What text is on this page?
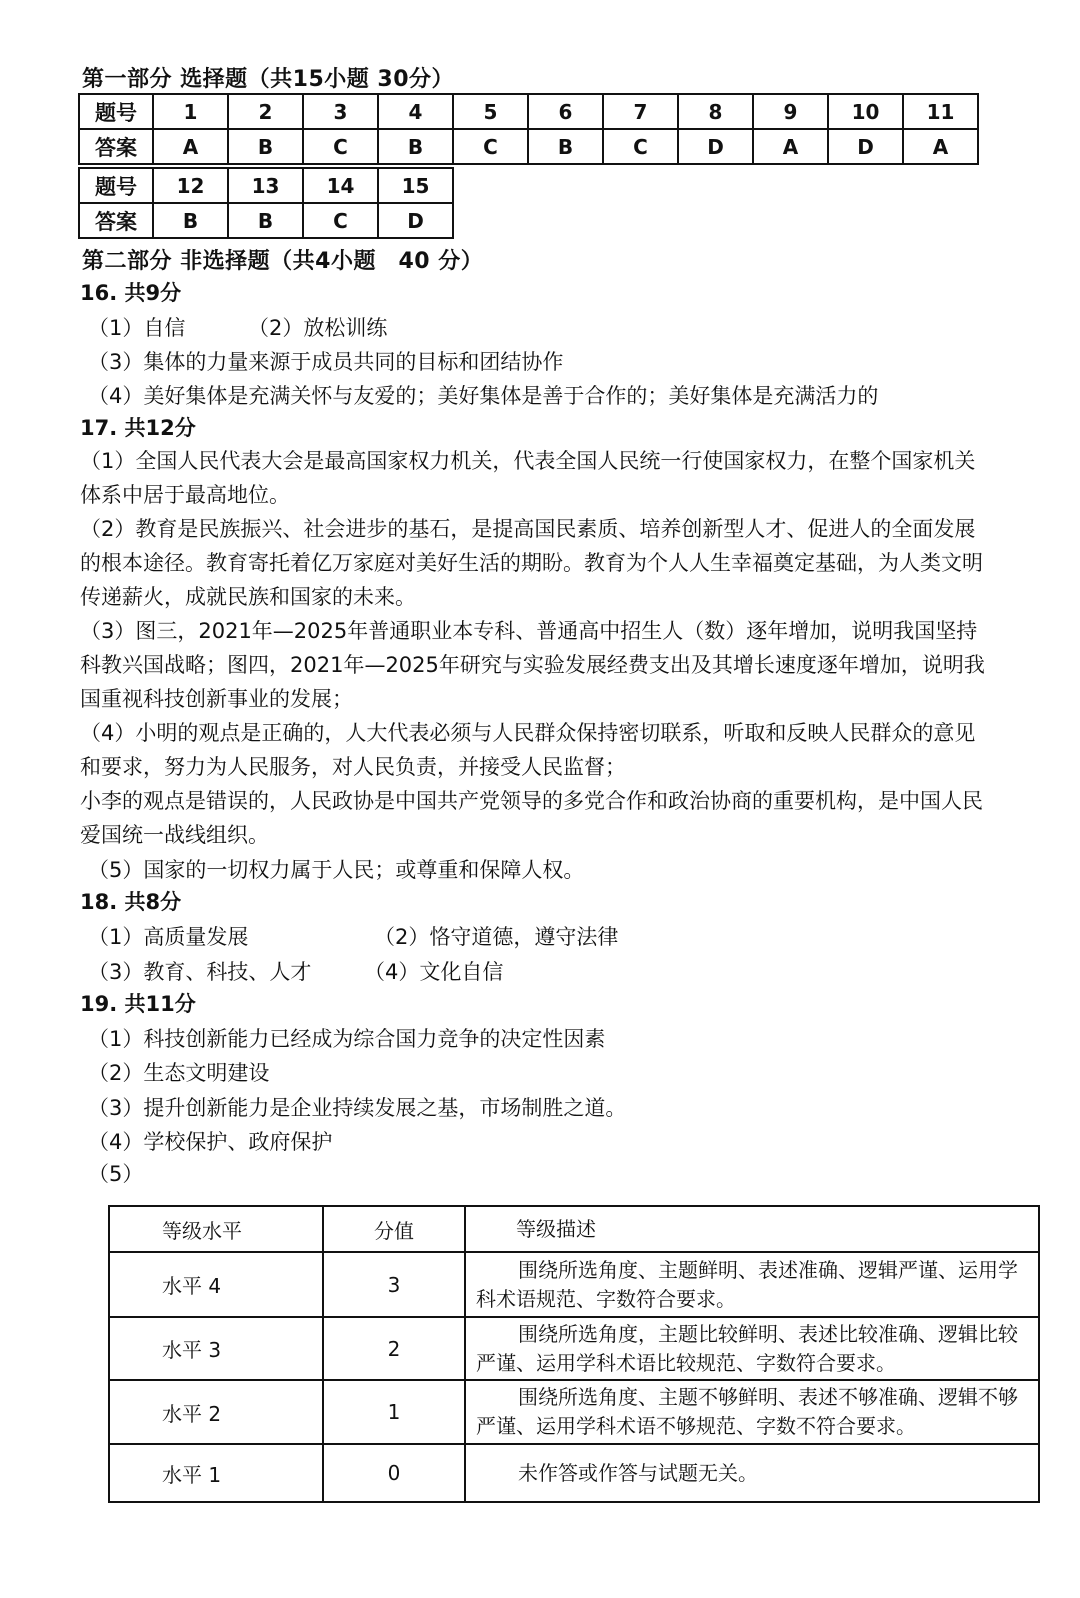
第一部分 选择题（共15小题 30分）
题号	1	2	3	4	5	6	7	8	9	10	11
答案	A	B	C	B	C	B	C	D	A	D	A
题号	12	13	14	15
答案	B	B	C	D
第二部分 非选择题（共4小题　40 分）
16. 共9分
（1）自信	（2）放松训练
（3）集体的力量来源于成员共同的目标和团结协作
（4）美好集体是充满关怀与友爱的；美好集体是善于合作的；美好集体是充满活力的
17. 共12分
（1）全国人民代表大会是最高国家权力机关，代表全国人民统一行使国家权力，在整个国家机关体系中居于最高地位。
（2）教育是民族振兴、社会进步的基石，是提高国民素质、培养创新型人才、促进人的全面发展的根本途径。教育寄托着亿万家庭对美好生活的期盼。教育为个人人生幸福奠定基础，为人类文明传递薪火，成就民族和国家的未来。
（3）图三，2021年—2025年普通职业本专科、普通高中招生人（数）逐年增加，说明我国坚持科教兴国战略；图四，2021年—2025年研究与实验发展经费支出及其增长速度逐年增加，说明我国重视科技创新事业的发展；
（4）小明的观点是正确的，人大代表必须与人民群众保持密切联系，听取和反映人民群众的意见和要求，努力为人民服务，对人民负责，并接受人民监督；
小李的观点是错误的，人民政协是中国共产党领导的多党合作和政治协商的重要机构，是中国人民爱国统一战线组织。
（5）国家的一切权力属于人民；或尊重和保障人权。
18. 共8分
（1）高质量发展	（2）恪守道德，遵守法律
（3）教育、科技、人才	（4）文化自信
19. 共11分
（1）科技创新能力已经成为综合国力竞争的决定性因素
（2）生态文明建设
（3）提升创新能力是企业持续发展之基，市场制胜之道。
（4）学校保护、政府保护
（5）
等级水平	分值	等级描述
水平 4	3	围绕所选角度、主题鲜明、表述准确、逻辑严谨、运用学科术语规范、字数符合要求。
水平 3	2	围绕所选角度，主题比较鲜明、表述比较准确、逻辑比较严谨、运用学科术语比较规范、字数符合要求。
水平 2	1	围绕所选角度、主题不够鲜明、表述不够准确、逻辑不够严谨、运用学科术语不够规范、字数不符合要求。
水平 1	0	未作答或作答与试题无关。
